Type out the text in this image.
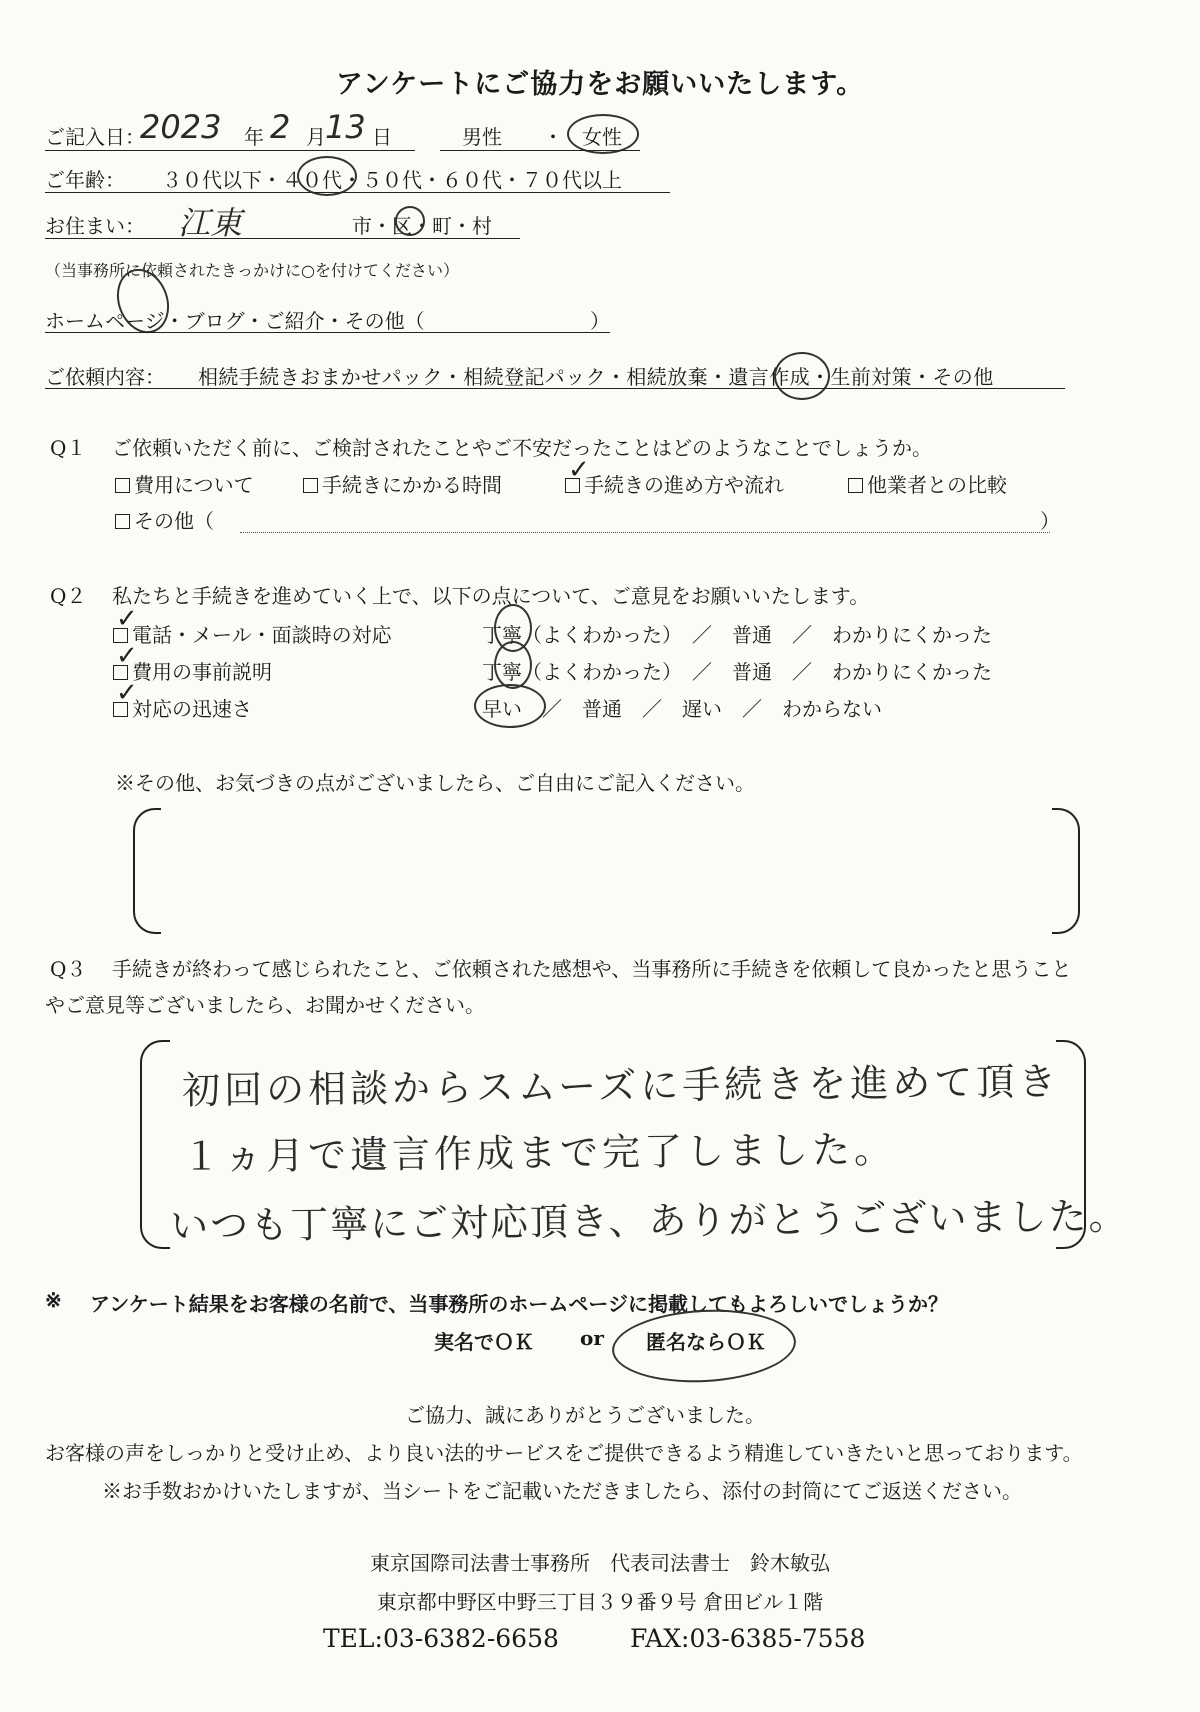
アンケートにご協力をお願いいたします。
ご記入日：
2023 年 2 月 13 日	男性 ・ 女性
ご年齢： ３０代以下・４０代・５０代・６０代・７０代以上
お住まい： 江東	市・区・町・村
（当事務所に依頼されたきっかけに○を付けてください）
ホームページ・ブログ・ご紹介・その他（	）
ご依頼内容： 相続手続きおまかせパック・相続登記パック・相続放棄・遺言作成・生前対策・その他
Q１ ご依頼いただく前に、ご検討されたことやご不安だったことはどのようなことでしょうか。
費用について	手続きにかかる時間	手続きの進め方や流れ
✓	他業者との比較
その他（	）
Q２ 私たちと手続きを進めていく上で、以下の点について、ご意見をお願いいたします。
電話・メール・面談時の対応	丁寧（よくわかった）　／　普通　／　わかりにくかった
✓
費用の事前説明	丁寧（よくわかった）　／　普通　／　わかりにくかった
✓
対応の迅速さ	早い　／　普通　／　遅い　／　わからない
✓
※その他、お気づきの点がございましたら、ご自由にご記入ください。
Q３ 手続きが終わって感じられたこと、ご依頼された感想や、当事務所に手続きを依頼して良かったと思うこと
やご意見等ございましたら、お聞かせください。
初回の相談からスムーズに手続きを進めて頂き
１ヵ月で遺言作成まで完了しました。
いつも丁寧にご対応頂き、ありがとうございました。
※ アンケート結果をお客様の名前で、当事務所のホームページに掲載してもよろしいでしょうか？
実名でＯＫ or 匿名ならＯＫ
ご協力、誠にありがとうございました。
お客様の声をしっかりと受け止め、より良い法的サービスをご提供できるよう精進していきたいと思っております。
※お手数おかけいたしますが、当シートをご記載いただきましたら、添付の封筒にてご返送ください。
東京国際司法書士事務所　代表司法書士　鈴木敏弘
東京都中野区中野三丁目３９番９号 倉田ビル１階
TEL:03-6382-6658	FAX:03-6385-7558
